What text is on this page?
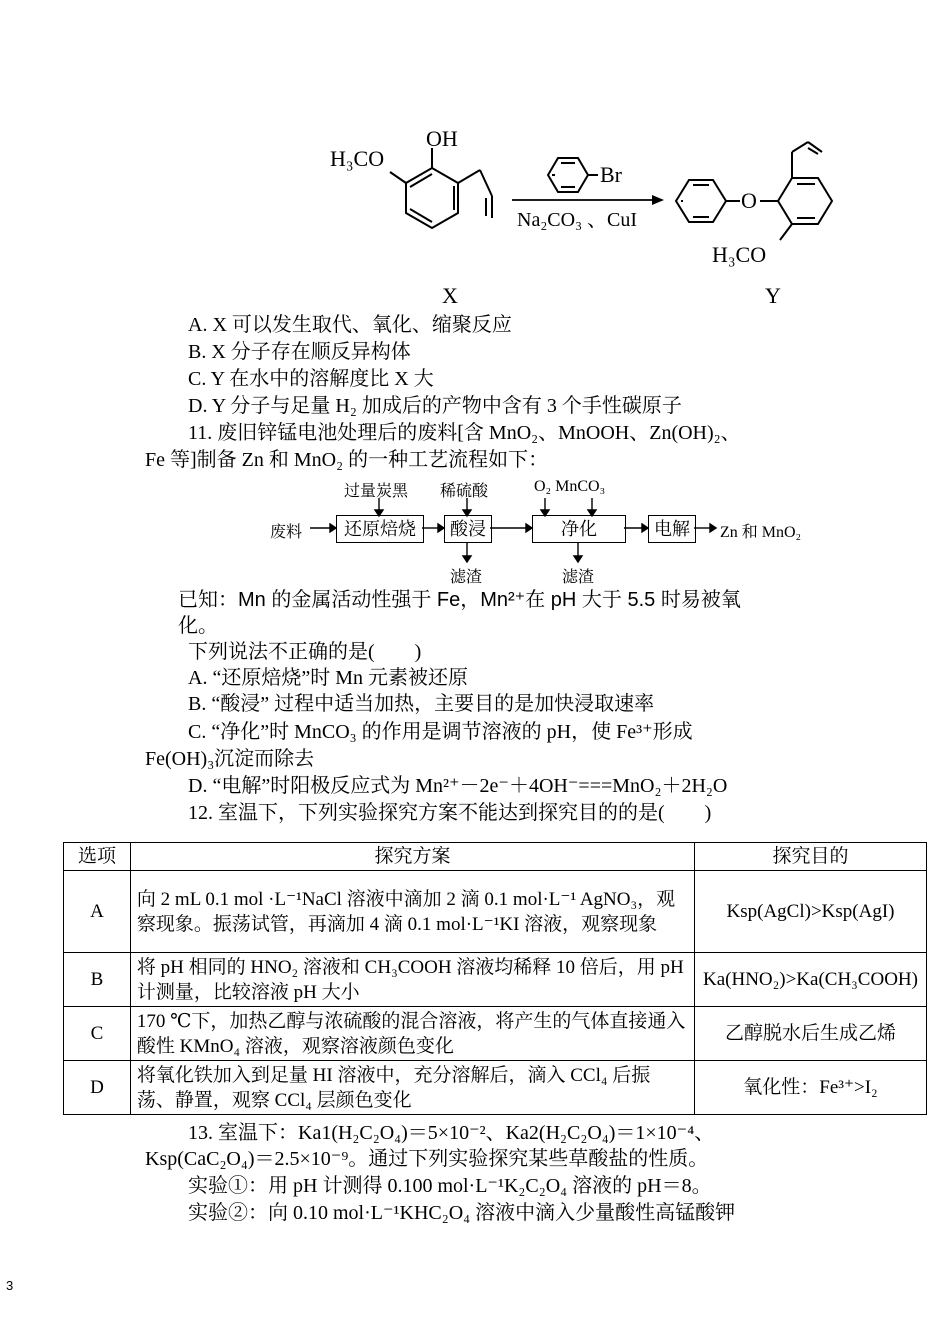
OH
H₃CO
Br
Na₂CO₃ 、CuI
O
H₃CO
X	Y
A. X 可以发生取代、氧化、缩聚反应
B. X 分子存在顺反异构体
C. Y 在水中的溶解度比 X 大
D. Y 分子与足量 H₂ 加成后的产物中含有 3 个手性碳原子
11. 废旧锌锰电池处理后的废料[含 MnO₂、MnOOH、Zn(OH)₂、
Fe 等]制备 Zn 和 MnO₂ 的一种工艺流程如下：
废料
过量炭黑
还原焙烧
稀硫酸
酸浸
滤渣
O₂ MnCO₃
净化
滤渣
电解	Zn 和 MnO₂
已知：Mn 的金属活动性强于 Fe，Mn²⁺在 pH 大于 5.5 时易被氧
化。
下列说法不正确的是(　　)
A. “还原焙烧”时 Mn 元素被还原
B. “酸浸” 过程中适当加热，主要目的是加快浸取速率
C. “净化”时 MnCO₃ 的作用是调节溶液的 pH，使 Fe³⁺形成
Fe(OH)₃沉淀而除去
D. “电解”时阳极反应式为 Mn²⁺－2e⁻＋4OH⁻===MnO₂＋2H₂O
12. 室温下，下列实验探究方案不能达到探究目的的是(　　)
选项	探究方案	探究目的
A	向 2 mL 0.1 mol ·L⁻¹NaCl 溶液中滴加 2 滴 0.1 mol·L⁻¹ AgNO₃，观察现象。振荡试管，再滴加 4 滴 0.1 mol·L⁻¹KI 溶液，观察现象	Ksp(AgCl)>Ksp(AgI)
B	将 pH 相同的 HNO₂ 溶液和 CH₃COOH 溶液均稀释 10 倍后，用 pH 计测量，比较溶液 pH 大小	Ka(HNO₂)>Ka(CH₃COOH)
C	170 ℃下，加热乙醇与浓硫酸的混合溶液，将产生的气体直接通入酸性 KMnO₄ 溶液，观察溶液颜色变化	乙醇脱水后生成乙烯
D	将氧化铁加入到足量 HI 溶液中，充分溶解后，滴入 CCl₄ 后振荡、静置，观察 CCl₄ 层颜色变化	氧化性：Fe³⁺>I₂
13. 室温下：Ka1(H₂C₂O₄)＝5×10⁻²、Ka2(H₂C₂O₄)＝1×10⁻⁴、
Ksp(CaC₂O₄)＝2.5×10⁻⁹。通过下列实验探究某些草酸盐的性质。
实验①：用 pH 计测得 0.100 mol·L⁻¹K₂C₂O₄ 溶液的 pH＝8。
实验②：向 0.10 mol·L⁻¹KHC₂O₄ 溶液中滴入少量酸性高锰酸钾
3
